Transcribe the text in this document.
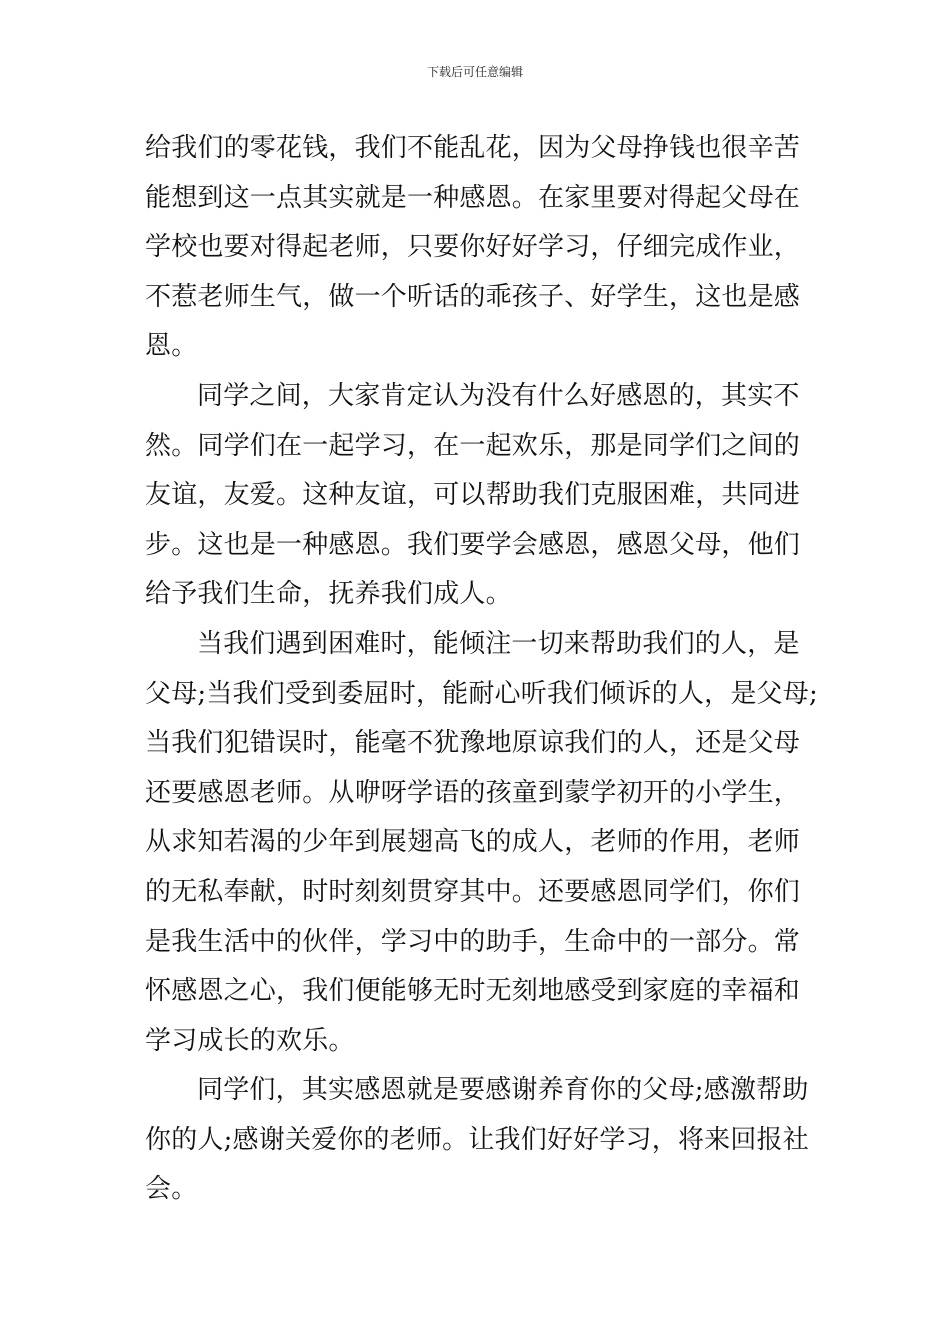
下载后可任意编辑
给我们的零花钱，我们不能乱花，因为父母挣钱也很辛苦
能想到这一点其实就是一种感恩。在家里要对得起父母在
学校也要对得起老师，只要你好好学习，仔细完成作业，
不惹老师生气，做一个听话的乖孩子、好学生，这也是感
恩。
同学之间，大家肯定认为没有什么好感恩的，其实不
然。同学们在一起学习，在一起欢乐，那是同学们之间的
友谊，友爱。这种友谊，可以帮助我们克服困难，共同进
步。这也是一种感恩。我们要学会感恩，感恩父母，他们
给予我们生命，抚养我们成人。
当我们遇到困难时，能倾注一切来帮助我们的人，是
父母;当我们受到委屈时，能耐心听我们倾诉的人，是父母;
当我们犯错误时，能毫不犹豫地原谅我们的人，还是父母
还要感恩老师。从咿呀学语的孩童到蒙学初开的小学生，
从求知若渴的少年到展翅高飞的成人，老师的作用，老师
的无私奉献，时时刻刻贯穿其中。还要感恩同学们，你们
是我生活中的伙伴，学习中的助手，生命中的一部分。常
怀感恩之心，我们便能够无时无刻地感受到家庭的幸福和
学习成长的欢乐。
同学们，其实感恩就是要感谢养育你的父母;感激帮助
你的人;感谢关爱你的老师。让我们好好学习，将来回报社
会。
